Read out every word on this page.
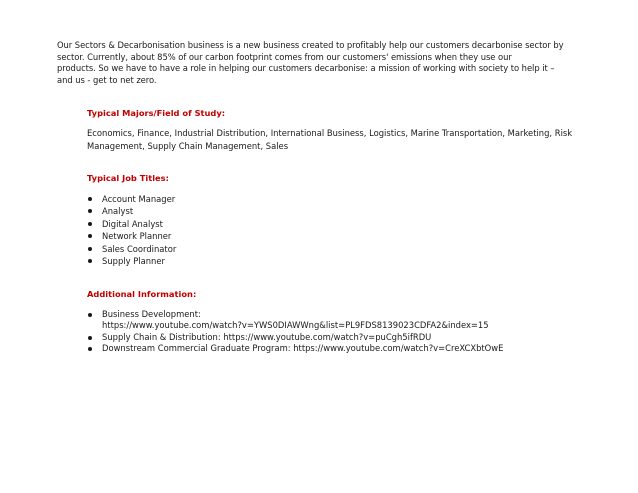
Our Sectors & Decarbonisation business is a new business created to profitably help our customers decarbonise sector by
sector. Currently, about 85% of our carbon footprint comes from our customers' emissions when they use our
products. So we have to have a role in helping our customers decarbonise: a mission of working with society to help it –
and us - get to net zero.
Typical Majors/Field of Study:
Economics, Finance, Industrial Distribution, International Business, Logistics, Marine Transportation, Marketing, Risk
Management, Supply Chain Management, Sales
Typical Job Titles:
Account Manager
Analyst
Digital Analyst
Network Planner
Sales Coordinator
Supply Planner
Additional Information:
Business Development:
https://www.youtube.com/watch?v=YWS0DIAWWng&list=PL9FDS8139023CDFA2&index=15
Supply Chain & Distribution: https://www.youtube.com/watch?v=puCgh5ifRDU
Downstream Commercial Graduate Program: https://www.youtube.com/watch?v=CreXCXbtOwE
